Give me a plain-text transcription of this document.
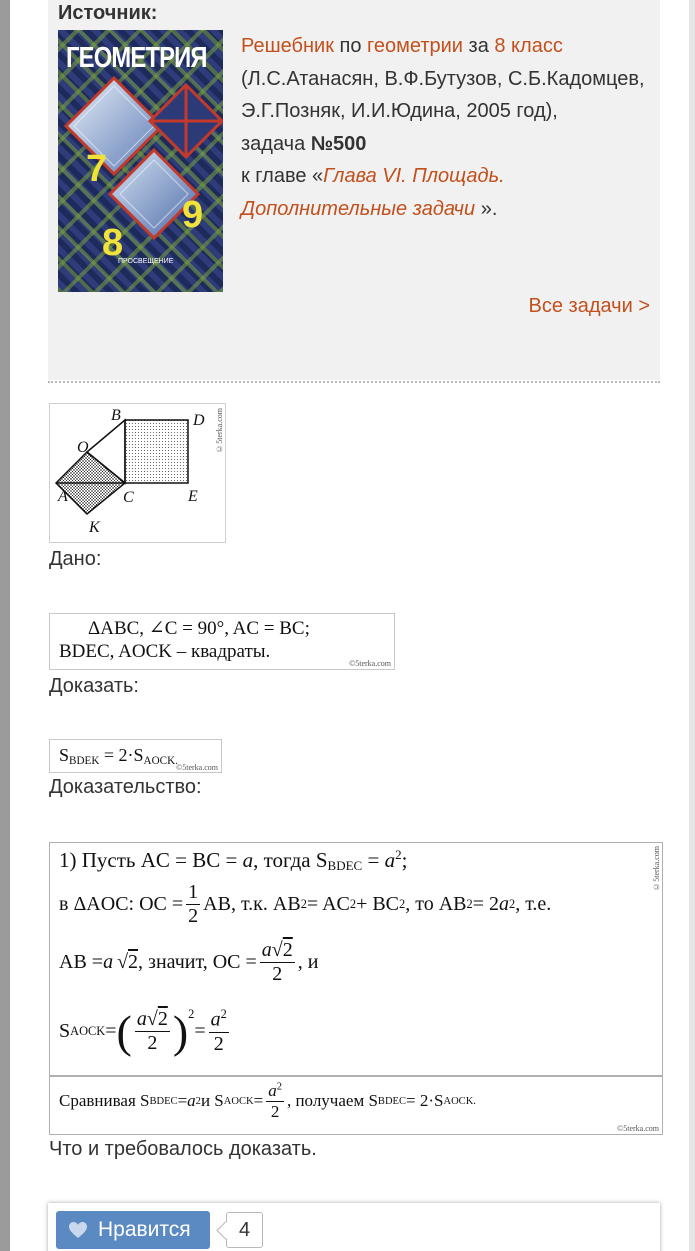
Источник:
ГЕОМЕТРИЯ
7
8
9
ПРОСВЕЩЕНИЕ
Решебник по геометрии за 8 класс
(Л.С.Атанасян, В.Ф.Бутузов, С.Б.Кадомцев, Э.Г.Позняк, И.И.Юдина, 2005 год),
задача №500
к главе «Глава VI. Площадь. Дополнительные задачи ».
Все задачи >
B	D
O
A	C	E
K
©5terka.com
Дано:
ΔABC, ∠C = 90°, AC = BC;
BDEC, AOCK – квадраты.
©5terka.com
Доказать:
$S_{BDEK} = 2\cdot S_{AOCK.}$
©5terka.com
Доказательство:
1) Пусть AC = BC = a, тогда $S_{BDEC} = a^2$;
в ΔAOC: OC = $\frac{1}{2}$ AB, т.к. AB 2 = AC 2 + BC 2 , то AB 2 = 2 a 2 , т.е.
AB = a  √ 2 , значит, OC = $\frac{a√2}{2}$ , и
S AOCK = ( $\frac{a√2}{2} )^2$
= $\frac{a^2}{2}$
Сравнивая S BDEC = a 2 и S AOCK = $\frac{a^2}{2}$ , получаем S BDEC = 2·S AOCK.
©5terka.com
©5terka.com
Что и требовалось доказать.
Нравится	4
